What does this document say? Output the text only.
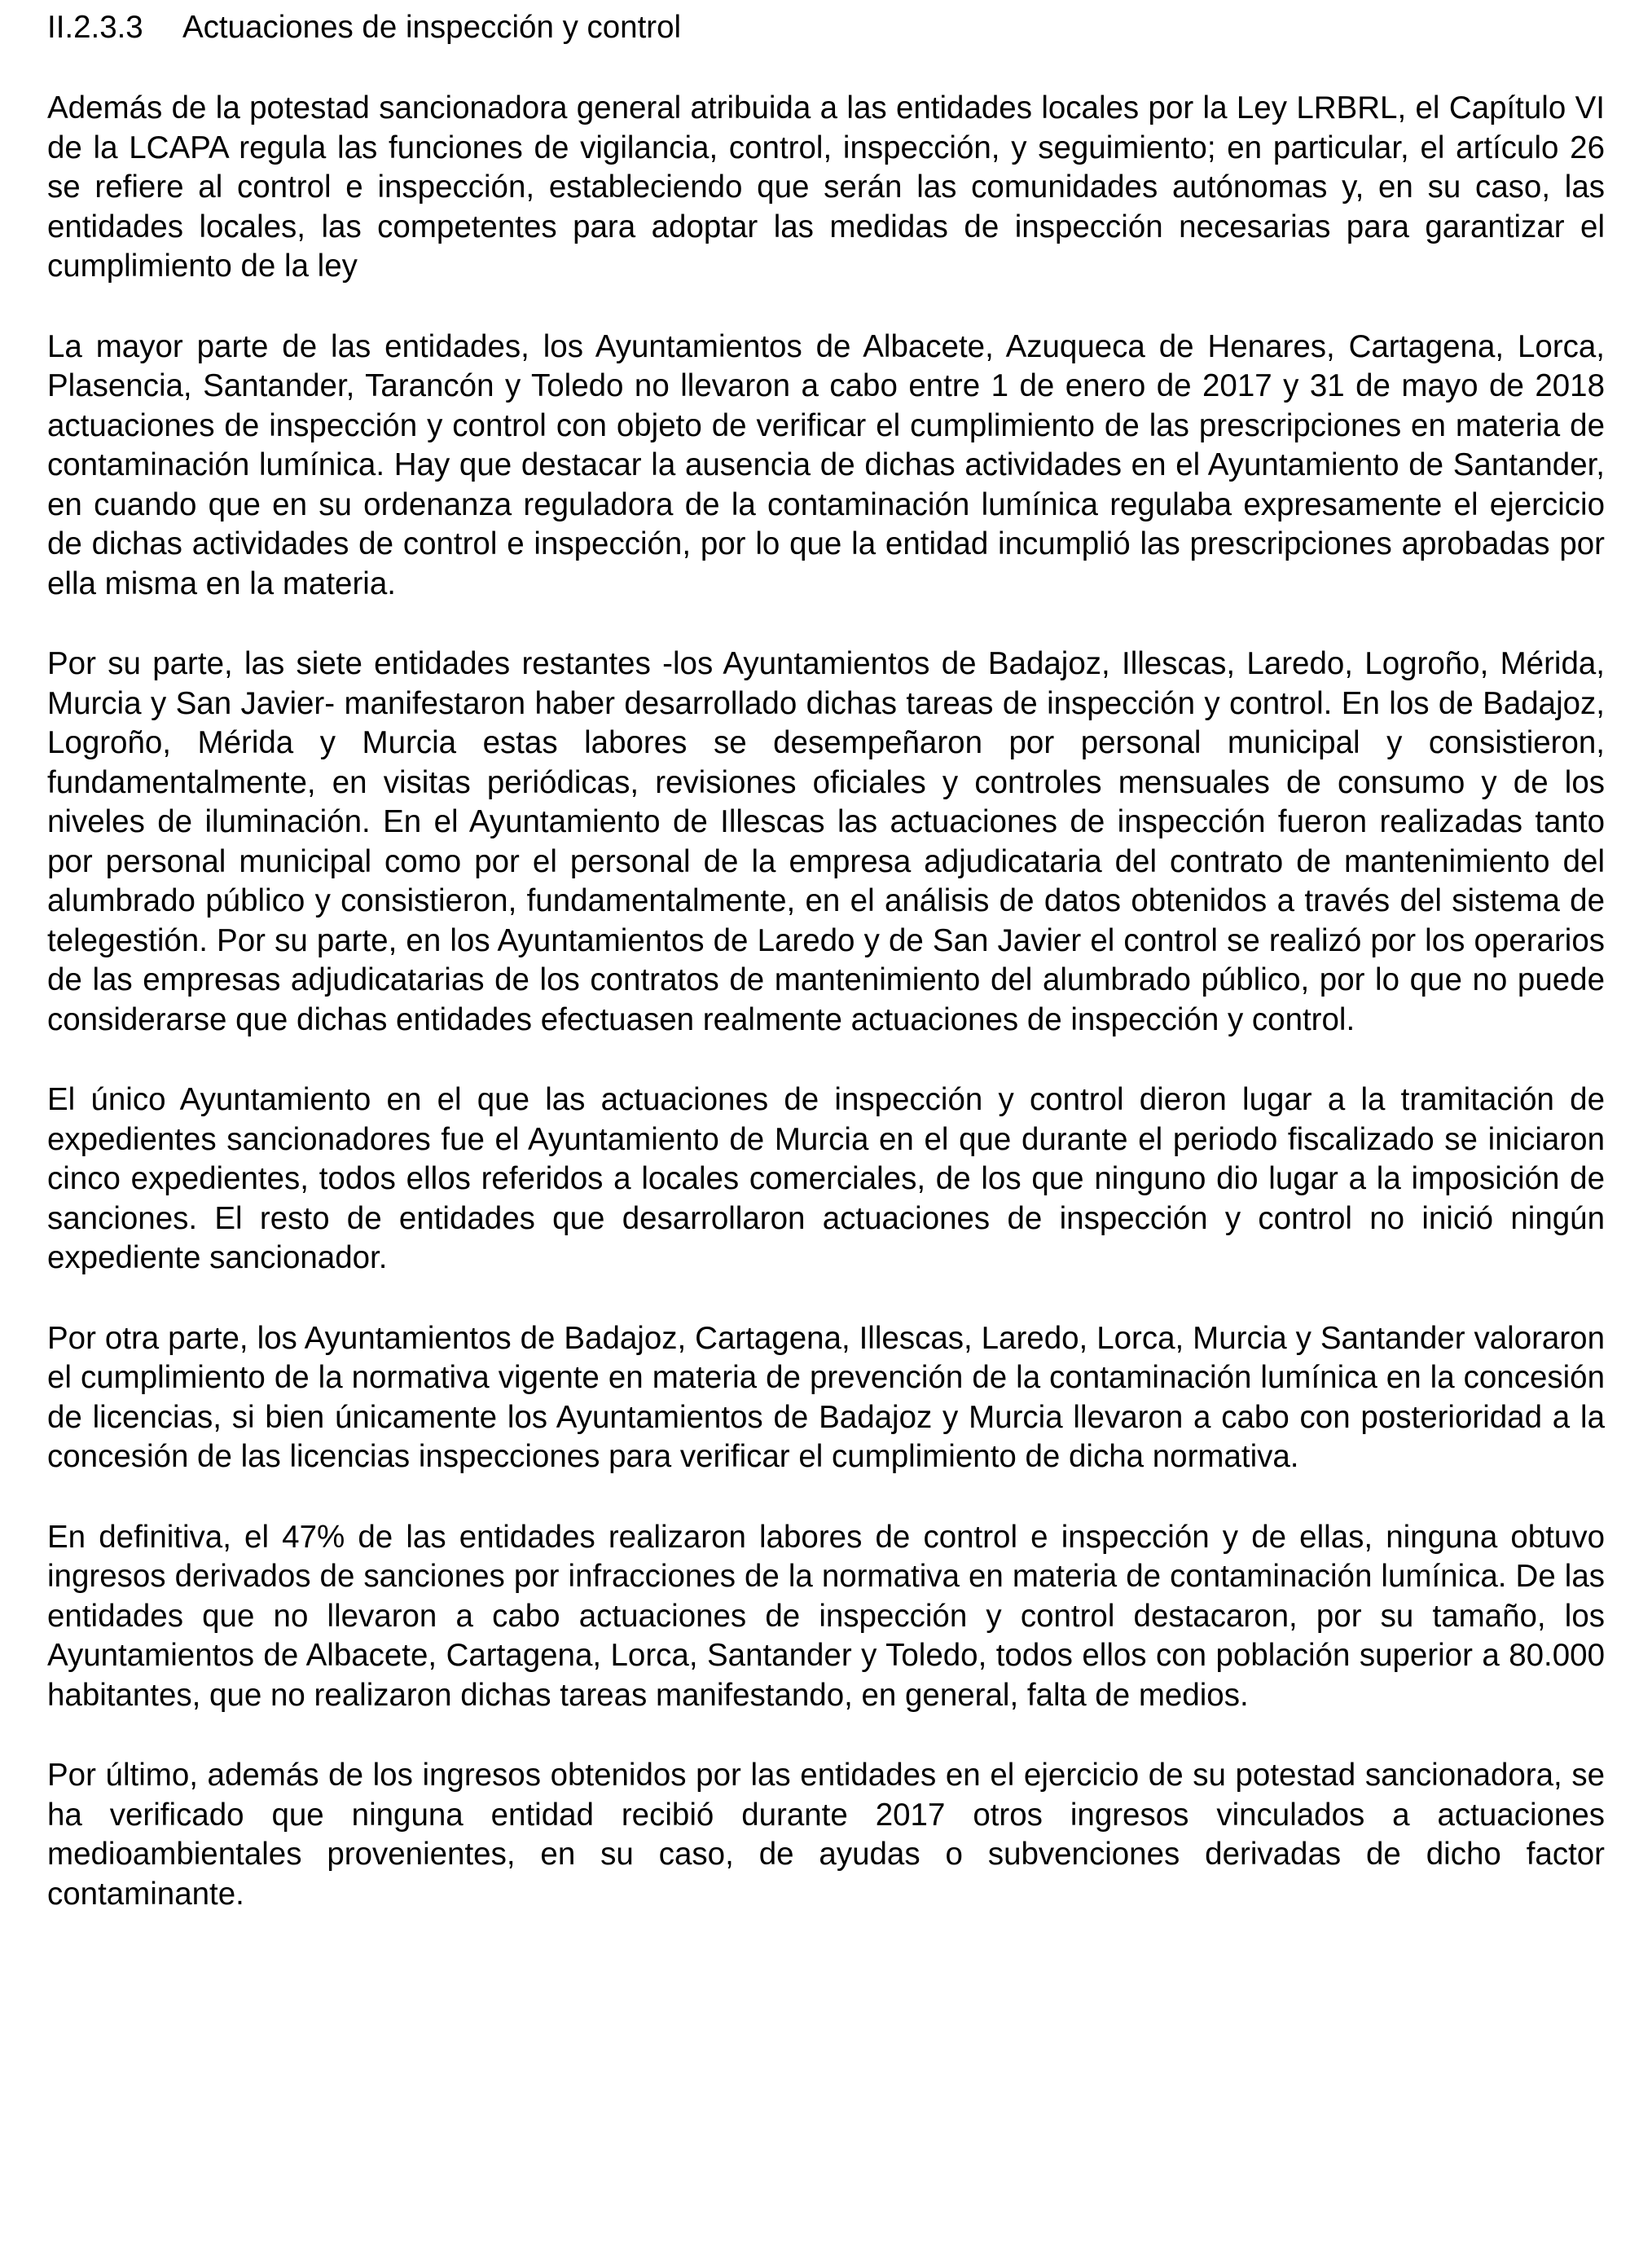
II.2.3.3	Actuaciones de inspección y control

Además de la potestad sancionadora general atribuida a las entidades locales por la Ley LRBRL, el Capítulo VI de la LCAPA regula las funciones de vigilancia, control, inspección, y seguimiento; en particular, el artículo 26 se refiere al control e inspección, estableciendo que serán las comunidades autónomas y, en su caso, las entidades locales, las competentes para adoptar las medidas de inspección necesarias para garantizar el cumplimiento de la ley

La mayor parte de las entidades, los Ayuntamientos de Albacete, Azuqueca de Henares, Cartagena, Lorca, Plasencia, Santander, Tarancón y Toledo no llevaron a cabo entre 1 de enero de 2017 y 31 de mayo de 2018 actuaciones de inspección y control con objeto de verificar el cumplimiento de las prescripciones en materia de contaminación lumínica. Hay que destacar la ausencia de dichas actividades en el Ayuntamiento de Santander, en cuando que en su ordenanza reguladora de la contaminación lumínica regulaba expresamente el ejercicio de dichas actividades de control e inspección, por lo que la entidad incumplió las prescripciones aprobadas por ella misma en la materia.

Por su parte, las siete entidades restantes -los Ayuntamientos de Badajoz, Illescas, Laredo, Logroño, Mérida, Murcia y San Javier- manifestaron haber desarrollado dichas tareas de inspección y control. En los de Badajoz, Logroño, Mérida y Murcia estas labores se desempeñaron por personal municipal y consistieron, fundamentalmente, en visitas periódicas, revisiones oficiales y controles mensuales de consumo y de los niveles de iluminación. En el Ayuntamiento de Illescas las actuaciones de inspección fueron realizadas tanto por personal municipal como por el personal de la empresa adjudicataria del contrato de mantenimiento del alumbrado público y consistieron, fundamentalmente, en el análisis de datos obtenidos a través del sistema de telegestión. Por su parte, en los Ayuntamientos de Laredo y de San Javier el control se realizó por los operarios de las empresas adjudicatarias de los contratos de mantenimiento del alumbrado público, por lo que no puede considerarse que dichas entidades efectuasen realmente actuaciones de inspección y control.

El único Ayuntamiento en el que las actuaciones de inspección y control dieron lugar a la tramitación de expedientes sancionadores fue el Ayuntamiento de Murcia en el que durante el periodo fiscalizado se iniciaron cinco expedientes, todos ellos referidos a locales comerciales, de los que ninguno dio lugar a la imposición de sanciones. El resto de entidades que desarrollaron actuaciones de inspección y control no inició ningún expediente sancionador.

Por otra parte, los Ayuntamientos de Badajoz, Cartagena, Illescas, Laredo, Lorca, Murcia y Santander valoraron el cumplimiento de la normativa vigente en materia de prevención de la contaminación lumínica en la concesión de licencias, si bien únicamente los Ayuntamientos de Badajoz y Murcia llevaron a cabo con posterioridad a la concesión de las licencias inspecciones para verificar el cumplimiento de dicha normativa.

En definitiva, el 47% de las entidades realizaron labores de control e inspección y de ellas, ninguna obtuvo ingresos derivados de sanciones por infracciones de la normativa en materia de contaminación lumínica. De las entidades que no llevaron a cabo actuaciones de inspección y control destacaron, por su tamaño, los Ayuntamientos de Albacete, Cartagena, Lorca, Santander y Toledo, todos ellos con población superior a 80.000 habitantes, que no realizaron dichas tareas manifestando, en general, falta de medios.

Por último, además de los ingresos obtenidos por las entidades en el ejercicio de su potestad sancionadora, se ha verificado que ninguna entidad recibió durante 2017 otros ingresos vinculados a actuaciones medioambientales provenientes, en su caso, de ayudas o subvenciones derivadas de dicho factor contaminante.
